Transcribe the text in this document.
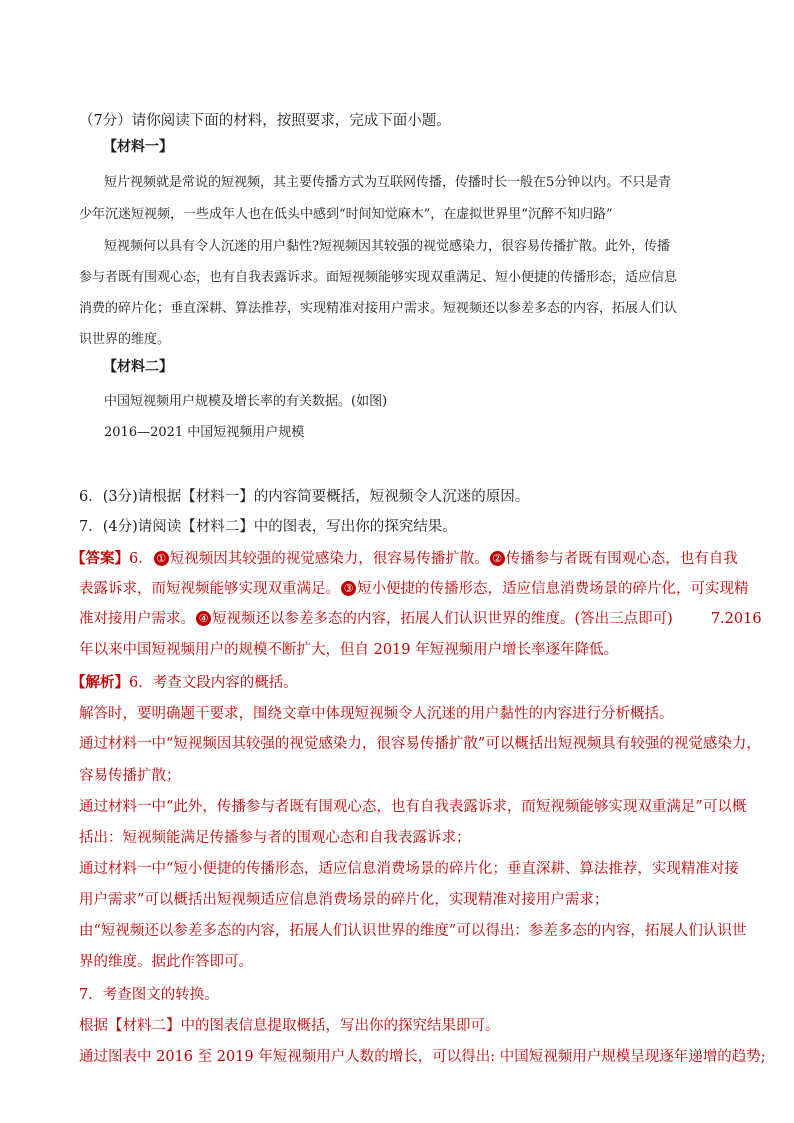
（7分）请你阅读下面的材料，按照要求，完成下面小题。
【材料一】
短片视频就是常说的短视频，其主要传播方式为互联网传播，传播时长一般在5分钟以内。不只是青
少年沉迷短视频，一些成年人也在低头中感到“时间知觉麻木”，在虚拟世界里“沉醉不知归路”
短视频何以具有令人沉迷的用户黏性?短视频因其较强的视觉感染力，很容易传播扩散。此外，传播
参与者既有围观心态，也有自我表露诉求。面短视频能够实现双重满足、短小便捷的传播形态，适应信息
消费的碎片化；垂直深耕、算法推荐，实现精准对接用户需求。短视频还以参差多态的内容，拓展人们认
识世界的维度。
【材料二】
中国短视频用户规模及增长率的有关数据。(如图)
2016—2021 中国短视频用户规模
6．(3分)请根据【材料一】的内容简要概括，短视频令人沉迷的原因。
7．(4分)请阅读【材料二】中的图表，写出你的探究结果。
【答案】6． ① 短视频因其较强的视觉感染力，很容易传播扩散。 ② 传播参与者既有围观心态，也有自我
表露诉求，而短视频能够实现双重满足。 ③ 短小便捷的传播形态，适应信息消费场景的碎片化，可实现精
准对接用户需求。 ④ 短视频还以参差多态的内容，拓展人们认识世界的维度。(答出三点即可)	7.2016
年以来中国短视频用户的规模不断扩大，但自 2019 年短视频用户增长率逐年降低。
【解析】6．考查文段内容的概括。
解答时，要明确题干要求，围绕文章中体现短视频令人沉迷的用户黏性的内容进行分析概括。
通过材料一中“短视频因其较强的视觉感染力，很容易传播扩散”可以概括出短视频具有较强的视觉感染力，
容易传播扩散；
通过材料一中“此外，传播参与者既有围观心态，也有自我表露诉求，而短视频能够实现双重满足”可以概
括出：短视频能满足传播参与者的围观心态和自我表露诉求；
通过材料一中“短小便捷的传播形态，适应信息消费场景的碎片化；垂直深耕、算法推荐，实现精准对接
用户需求”可以概括出短视频适应信息消费场景的碎片化，实现精准对接用户需求；
由“短视频还以参差多态的内容，拓展人们认识世界的维度”可以得出：参差多态的内容，拓展人们认识世
界的维度。据此作答即可。
7．考查图文的转换。
根据【材料二】中的图表信息提取概括，写出你的探究结果即可。
通过图表中 2016 至 2019 年短视频用户人数的增长，可以得出: 中国短视频用户规模呈现逐年递增的趋势;
